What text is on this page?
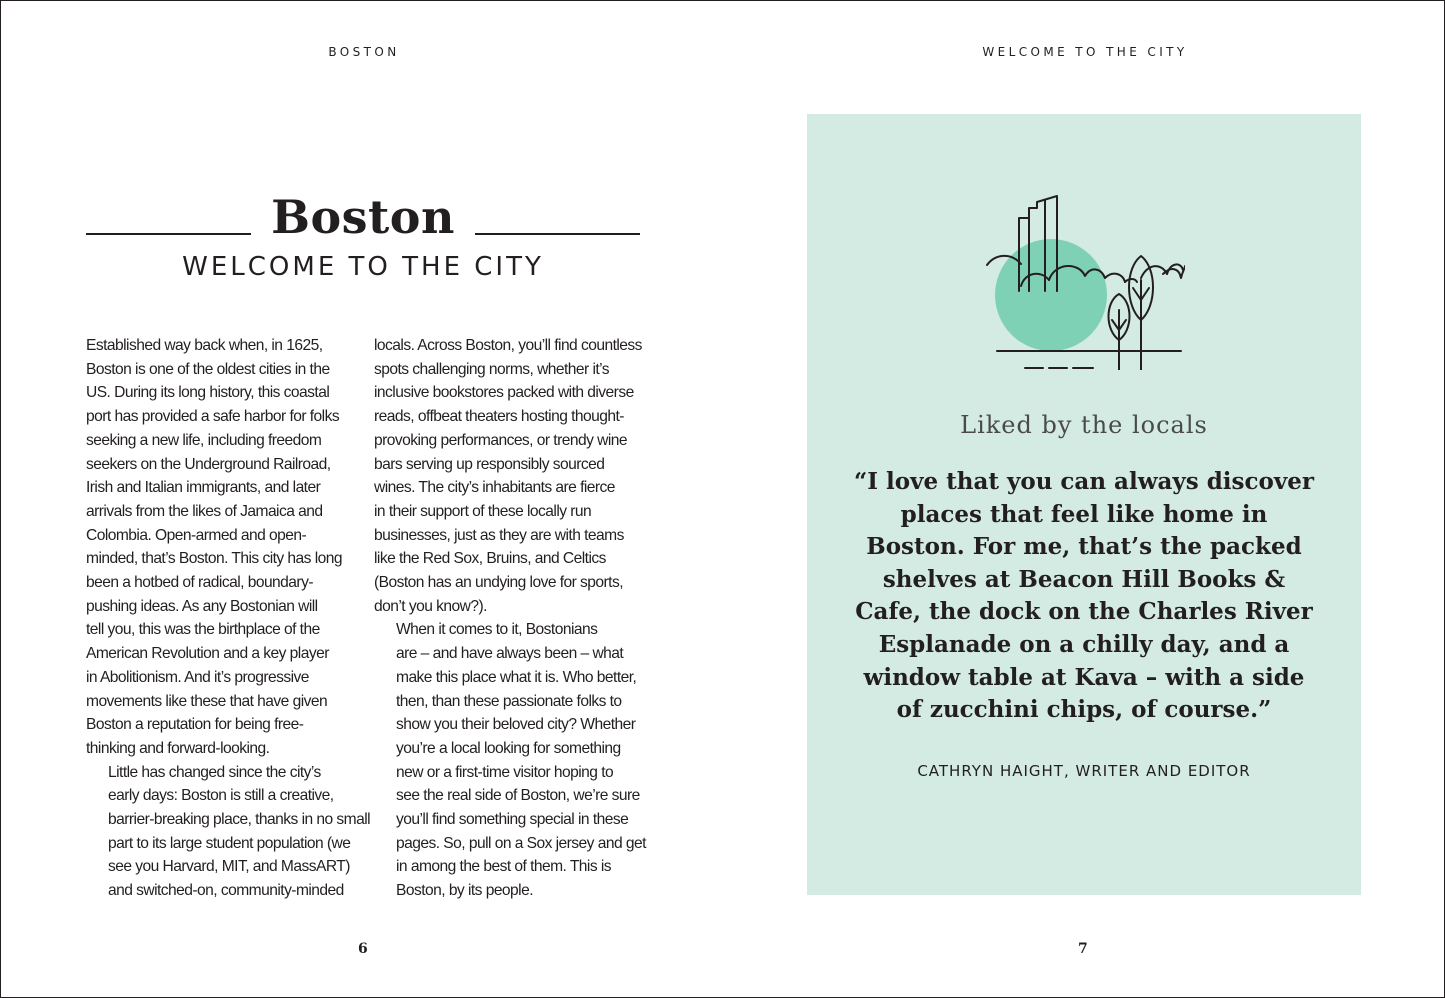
BOSTON	WELCOME TO THE CITY
Boston
WELCOME TO THE CITY

Established way back when, in 1625,
Boston is one of the oldest cities in the
US. During its long history, this coastal
port has provided a safe harbor for folks
seeking a new life, including freedom
seekers on the Underground Railroad,
Irish and Italian immigrants, and later
arrivals from the likes of Jamaica and
Colombia. Open-armed and open-
minded, that’s Boston. This city has long
been a hotbed of radical, boundary-
pushing ideas. As any Bostonian will
tell you, this was the birthplace of the
American Revolution and a key player
in Abolitionism. And it’s progressive
movements like these that have given
Boston a reputation for being free-
thinking and forward-looking.

Little has changed since the city’s
early days: Boston is still a creative,
barrier-breaking place, thanks in no small
part to its large student population (we
see you Harvard, MIT, and MassART)
and switched-on, community-minded

locals. Across Boston, you’ll find countless
spots challenging norms, whether it’s
inclusive bookstores packed with diverse
reads, offbeat theaters hosting thought-
provoking performances, or trendy wine
bars serving up responsibly sourced
wines. The city’s inhabitants are fierce
in their support of these locally run
businesses, just as they are with teams
like the Red Sox, Bruins, and Celtics
(Boston has an undying love for sports,
don’t you know?).

When it comes to it, Bostonians
are – and have always been – what
make this place what it is. Who better,
then, than these passionate folks to
show you their beloved city? Whether
you’re a local looking for something
new or a first-time visitor hoping to
see the real side of Boston, we’re sure
you’ll find something special in these
pages. So, pull on a Sox jersey and get
in among the best of them. This is
Boston, by its people.

6	7
Liked by the locals
“I love that you can always discover
places that feel like home in
Boston. For me, that’s the packed
shelves at Beacon Hill Books &
Cafe, the dock on the Charles River
Esplanade on a chilly day, and a
window table at Kava – with a side
of zucchini chips, of course.”
CATHRYN HAIGHT, WRITER AND EDITOR
